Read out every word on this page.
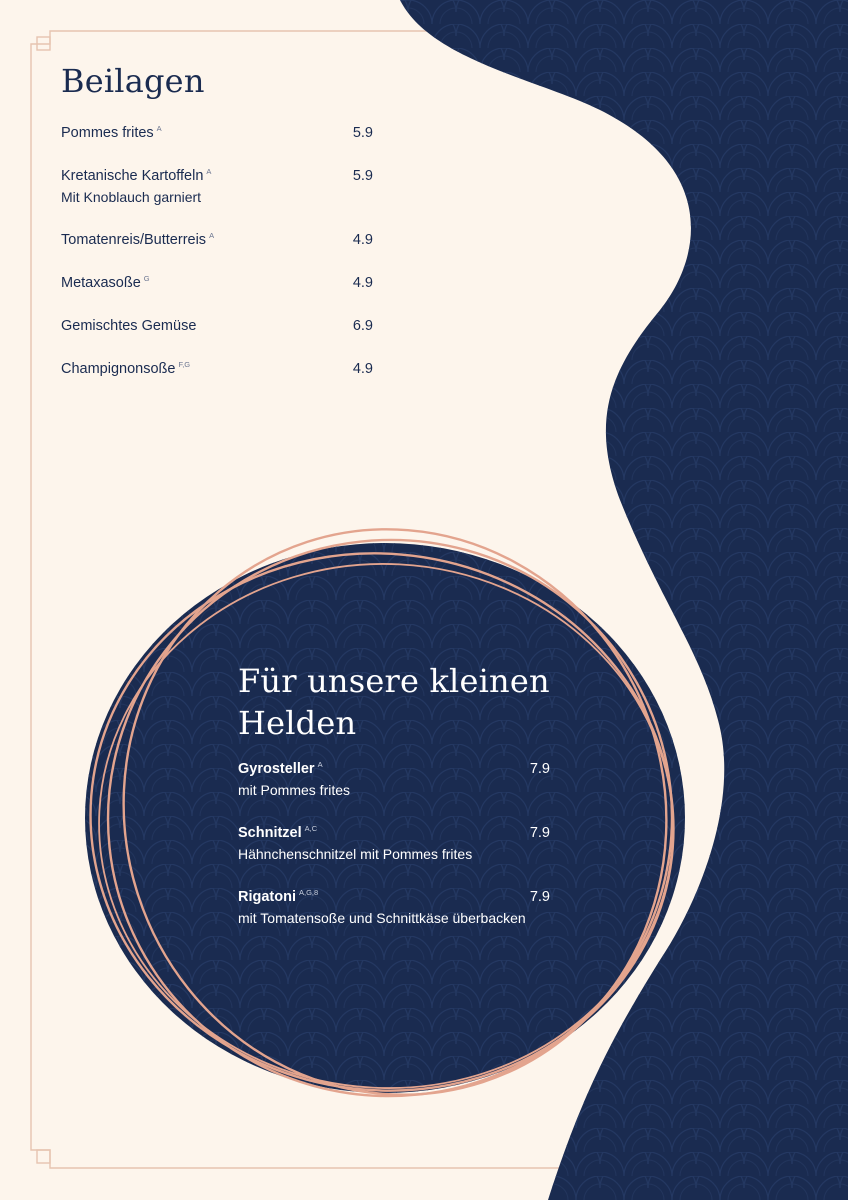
Beilagen
Pommes frites $^A$	5.9
Kretanische Kartoffeln $^A$	5.9
Mit Knoblauch garniert
Tomatenreis/Butterreis $^A$	4.9
Metaxasoße $^G$	4.9
Gemischtes Gemüse	6.9
Champignonsoße $^{F,G}$	4.9
Für unsere kleinen Helden
Gyrosteller $^A$	7.9
mit Pommes frites
Schnitzel $^{A,C}$	7.9
Hähnchenschnitzel mit Pommes frites
Rigatoni $^{A,G,8}$	7.9
mit Tomatensoße und Schnittkäse überbacken
